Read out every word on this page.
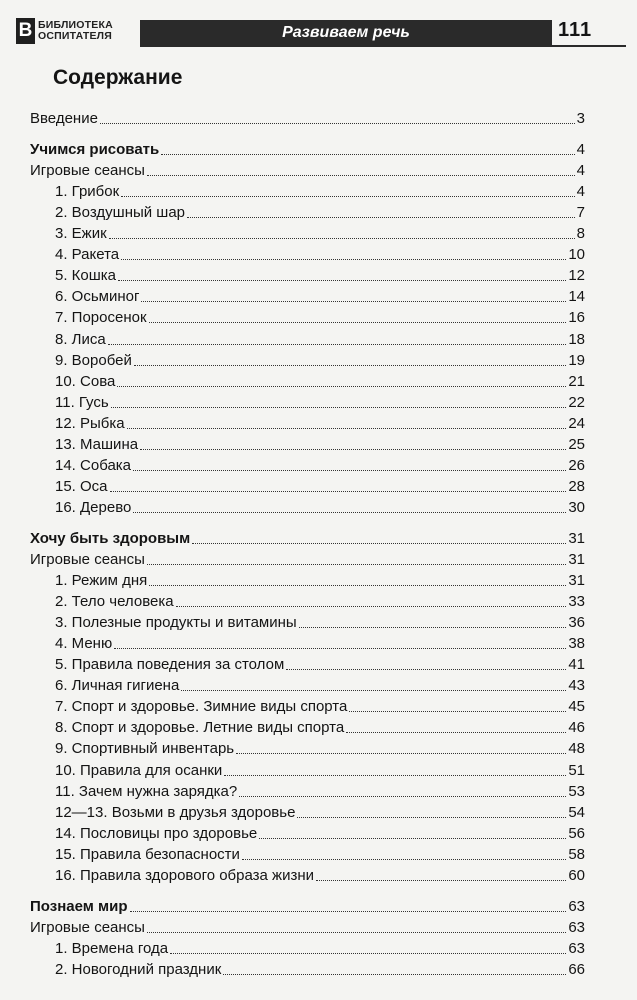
В БИБЛИОТЕКА
ОСПИТАТЕЛЯ	Развиваем речь	111
Содержание
Введение	3
Учимся рисовать	4
Игровые сеансы	4
1. Грибок	4
2. Воздушный шар	7
3. Ежик	8
4. Ракета	10
5. Кошка	12
6. Осьминог	14
7. Поросенок	16
8. Лиса	18
9. Воробей	19
10. Сова	21
11. Гусь	22
12. Рыбка	24
13. Машина	25
14. Собака	26
15. Оса	28
16. Дерево	30
Хочу быть здоровым	31
Игровые сеансы	31
1. Режим дня	31
2. Тело человека	33
3. Полезные продукты и витамины	36
4. Меню	38
5. Правила поведения за столом	41
6. Личная гигиена	43
7. Спорт и здоровье. Зимние виды спорта	45
8. Спорт и здоровье. Летние виды спорта	46
9. Спортивный инвентарь	48
10. Правила для осанки	51
11. Зачем нужна зарядка?	53
12—13. Возьми в друзья здоровье	54
14. Пословицы про здоровье	56
15. Правила безопасности	58
16. Правила здорового образа жизни	60
Познаем мир	63
Игровые сеансы	63
1. Времена года	63
2. Новогодний праздник	66
